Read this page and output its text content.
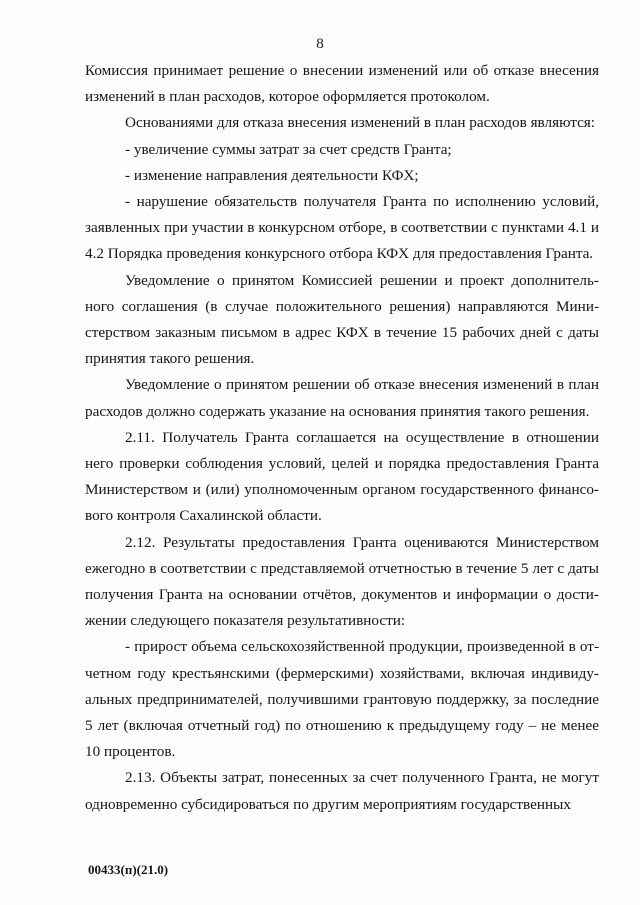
8

Комиссия принимает решение о внесении изменений или об отказе внесения изменений в план расходов, которое оформляется протоколом.

Основаниями для отказа внесения изменений в план расходов являются:

- увеличение суммы затрат за счет средств Гранта;

- изменение направления деятельности КФХ;

- нарушение обязательств получателя Гранта по исполнению условий, заявленных при участии в конкурсном отборе, в соответствии с пунктами 4.1 и 4.2 Порядка проведения конкурсного отбора КФХ для предоставления Гранта.

Уведомление о принятом Комиссией решении и проект дополнитель-ного соглашения (в случае положительного решения) направляются Мини-стерством заказным письмом в адрес КФХ в течение 15 рабочих дней с даты принятия такого решения.

Уведомление о принятом решении об отказе внесения изменений в план расходов должно содержать указание на основания принятия такого решения.

2.11. Получатель Гранта соглашается на осуществление в отношении него проверки соблюдения условий, целей и порядка предоставления Гранта Министерством и (или) уполномоченным органом государственного финансо-вого контроля Сахалинской области.

2.12. Результаты предоставления Гранта оцениваются Министерством ежегодно в соответствии с представляемой отчетностью в течение 5 лет с даты получения Гранта на основании отчётов, документов и информации о дости-жении следующего показателя результативности:

- прирост объема сельскохозяйственной продукции, произведенной в от-четном году крестьянскими (фермерскими) хозяйствами, включая индивиду-альных предпринимателей, получившими грантовую поддержку, за последние 5 лет (включая отчетный год) по отношению к предыдущему году – не менее 10 процентов.

2.13. Объекты затрат, понесенных за счет полученного Гранта, не могут одновременно субсидироваться по другим мероприятиям государственных

00433(п)(21.0)
